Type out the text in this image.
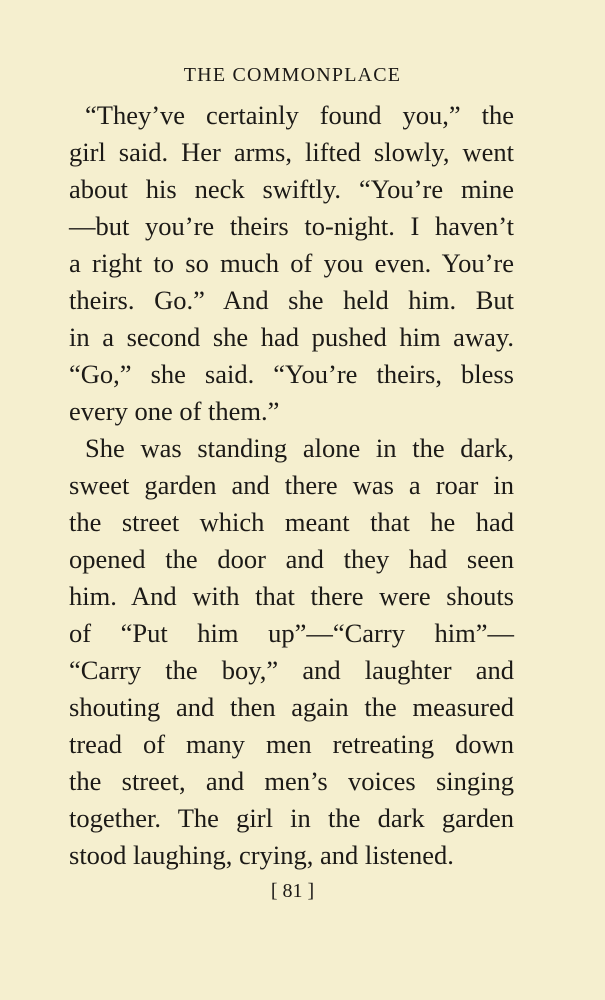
THE COMMONPLACE
“They’ve certainly found you,” the
girl said. Her arms, lifted slowly, went
about his neck swiftly. “You’re mine
—but you’re theirs to-night. I haven’t
a right to so much of you even. You’re
theirs. Go.” And she held him. But
in a second she had pushed him away.
“Go,” she said. “You’re theirs, bless
every one of them.”
She was standing alone in the dark,
sweet garden and there was a roar in
the street which meant that he had
opened the door and they had seen
him. And with that there were shouts
of “Put him up”—“Carry him”—
“Carry the boy,” and laughter and
shouting and then again the measured
tread of many men retreating down
the street, and men’s voices singing
together. The girl in the dark garden
stood laughing, crying, and listened.
[ 81 ]
